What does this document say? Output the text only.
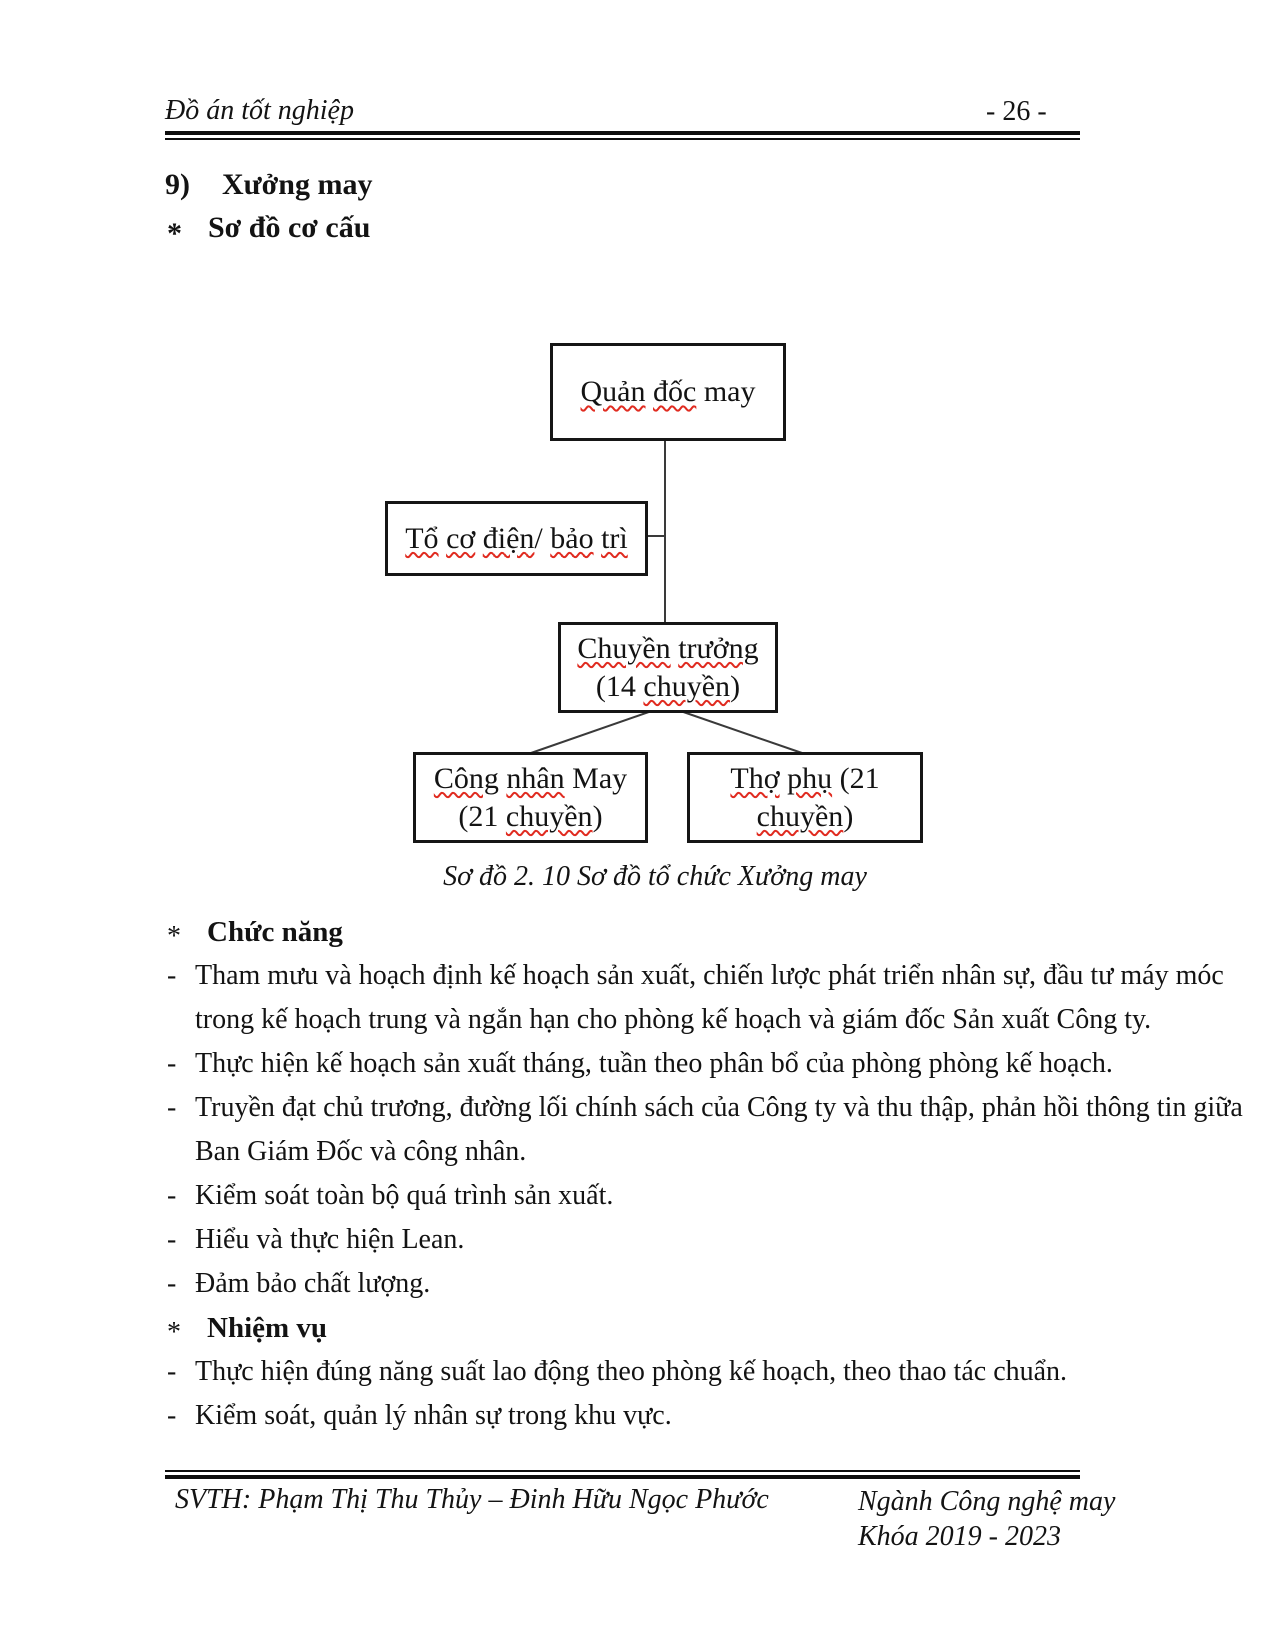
Đồ án tốt nghiệp	- 26 -
9)	Xưởng may
* Sơ đồ cơ cấu
Quản đốc may
Tổ cơ điện/ bảo trì
Chuyền trưởng
(14 chuyền)
Công nhân May
(21 chuyền)
Thợ phụ (21
chuyền)
Sơ đồ 2. 10 Sơ đồ tổ chức Xưởng may
* Chức năng
- Tham mưu và hoạch định kế hoạch sản xuất, chiến lược phát triển nhân sự, đầu tư máy móc
trong kế hoạch trung và ngắn hạn cho phòng kế hoạch và giám đốc Sản xuất Công ty.
- Thực hiện kế hoạch sản xuất tháng, tuần theo phân bổ của phòng phòng kế hoạch.
- Truyền đạt chủ trương, đường lối chính sách của Công ty và thu thập, phản hồi thông tin giữa
Ban Giám Đốc và công nhân.
- Kiểm soát toàn bộ quá trình sản xuất.
- Hiểu và thực hiện Lean.
- Đảm bảo chất lượng.
* Nhiệm vụ
- Thực hiện đúng năng suất lao động theo phòng kế hoạch, theo thao tác chuẩn.
- Kiểm soát, quản lý nhân sự trong khu vực.
SVTH: Phạm Thị Thu Thủy – Đinh Hữu Ngọc Phước	Ngành Công nghệ may
Khóa 2019 - 2023
